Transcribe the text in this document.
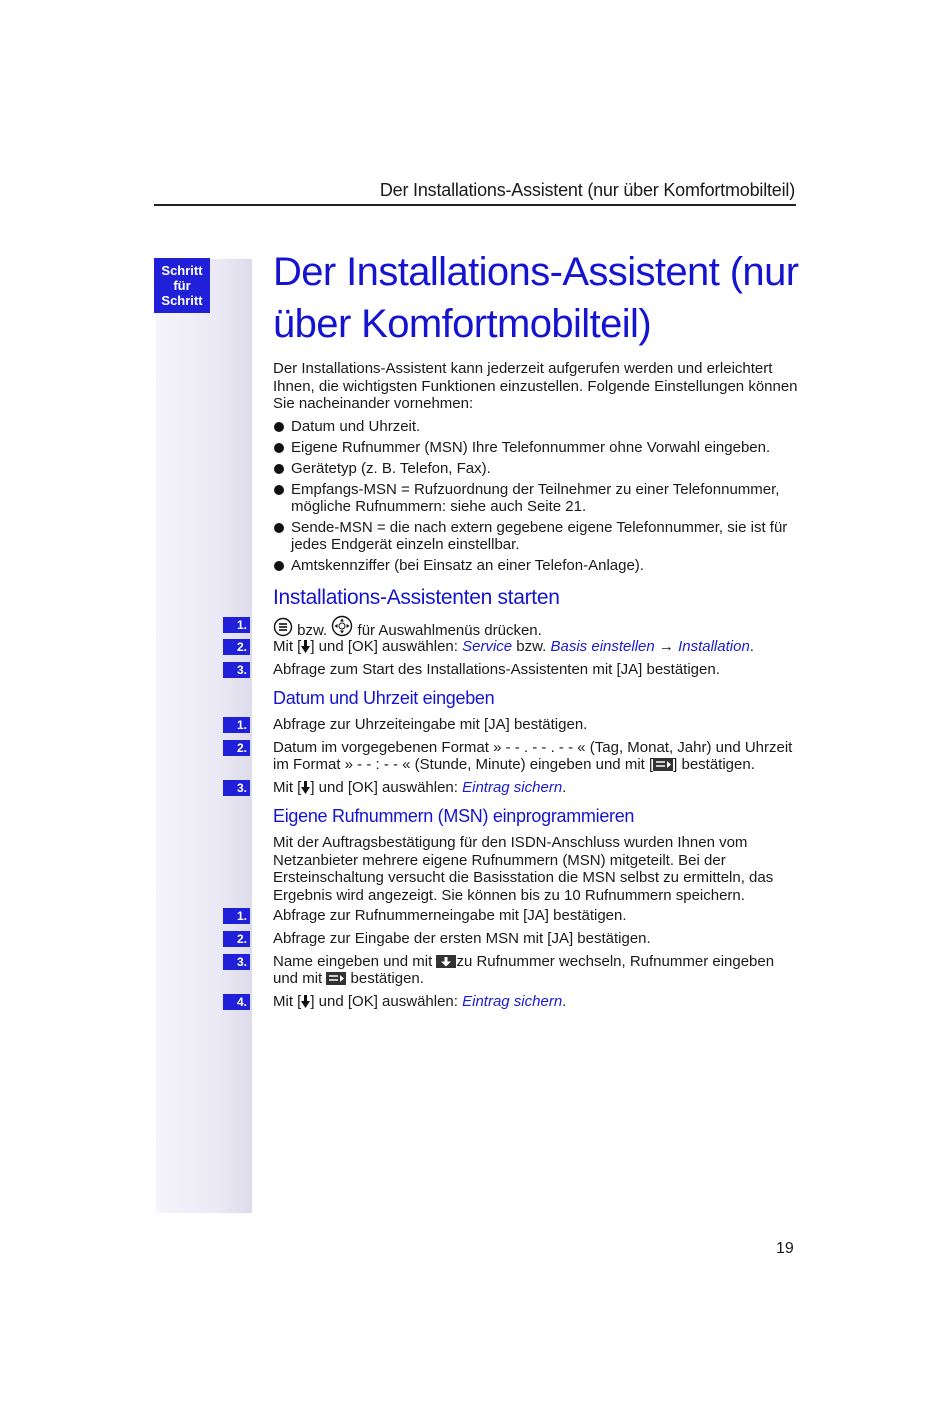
Der Installations-Assistent (nur über Komfortmobilteil)
Schritt
für
Schritt
Der Installations-Assistent (nur
über Komfortmobilteil)

Der Installations-Assistent kann jederzeit aufgerufen werden und erleichtert Ihnen, die wichtigsten Funktionen einzustellen. Folgende Einstellungen können Sie nacheinander vornehmen:

Datum und Uhrzeit.
Eigene Rufnummer (MSN) Ihre Telefonnummer ohne Vorwahl eingeben.
Gerätetyp (z. B. Telefon, Fax).
Empfangs-MSN = Rufzuordnung der Teilnehmer zu einer Telefonnummer, mögliche Rufnummern: siehe auch Seite 21.
Sende-MSN = die nach extern gegebene eigene Telefonnummer, sie ist für jedes Endgerät einzeln einstellbar.
Amtskennziffer (bei Einsatz an einer Telefon-Anlage).
Installations-Assistenten starten
1.	bzw. für Auswahlmenüs drücken.
2. Mit [ ] und [OK] auswählen: Service bzw. Basis einstellen → Installation.
3. Abfrage zum Start des Installations-Assistenten mit [JA] bestätigen.
Datum und Uhrzeit eingeben
1. Abfrage zur Uhrzeiteingabe mit [JA] bestätigen.
2. Datum im vorgegebenen Format » - - . - - . - - « (Tag, Monat, Jahr) und Uhrzeit im Format » - - : - - « (Stunde, Minute) eingeben und mit [ ] bestätigen.
3. Mit [ ] und [OK] auswählen: Eintrag sichern.
Eigene Rufnummern (MSN) einprogrammieren

Mit der Auftragsbestätigung für den ISDN-Anschluss wurden Ihnen vom Netzanbieter mehrere eigene Rufnummern (MSN) mitgeteilt. Bei der Ersteinschaltung versucht die Basisstation die MSN selbst zu ermitteln, das Ergebnis wird angezeigt. Sie können bis zu 10 Rufnummern speichern.

1. Abfrage zur Rufnummerneingabe mit [JA] bestätigen.
2. Abfrage zur Eingabe der ersten MSN mit [JA] bestätigen.
3. Name eingeben und mit zu Rufnummer wechseln, Rufnummer eingeben und mit  bestätigen.
4. Mit [ ] und [OK] auswählen: Eintrag sichern.
19
